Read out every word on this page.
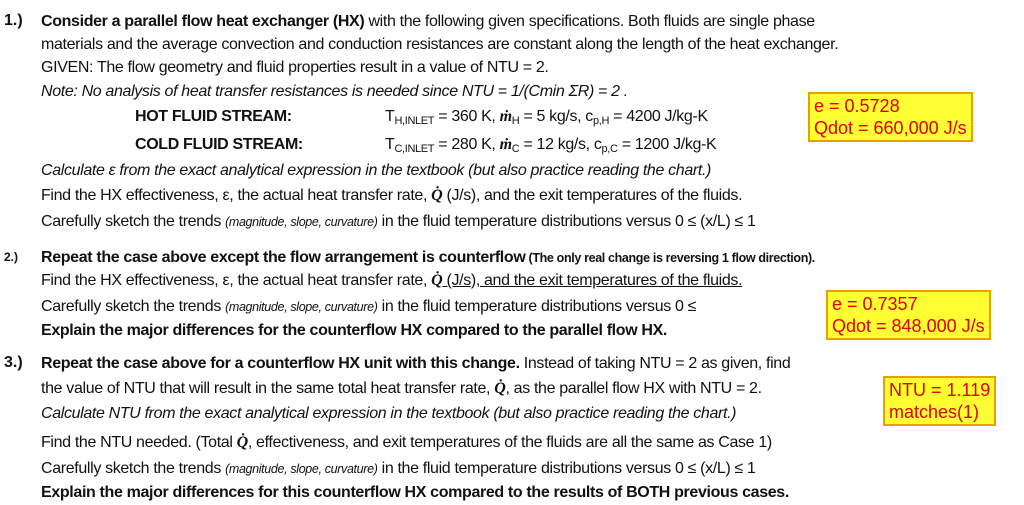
1.) Consider a parallel flow heat exchanger (HX) with the following given specifications. Both fluids are single phase
materials and the average convection and conduction resistances are constant along the length of the heat exchanger.
GIVEN: The flow geometry and fluid properties result in a value of NTU = 2.
Note: No analysis of heat transfer resistances is needed since NTU = 1/(Cmin ΣR) = 2 .
HOT FLUID STREAM:	$T_{H,INLET} = 360$ K, ṁ$_H$ = 5 kg/s, $c_{p,H} = 4200$ J/kg-K
COLD FLUID STREAM:	$T_{C,INLET} = 280$ K, ṁ$_C$ = 12 kg/s, $c_{p,C} = 1200$ J/kg-K
Calculate ε from the exact analytical expression in the textbook (but also practice reading the chart.)
Find the HX effectiveness, ε, the actual heat transfer rate, Q̇ (J/s), and the exit temperatures of the fluids.
Carefully sketch the trends (magnitude, slope, curvature) in the fluid temperature distributions versus 0 ≤ (x/L) ≤ 1
e = 0.5728
Qdot = 660,000 J/s
2.) Repeat the case above except the flow arrangement is counterflow (The only real change is reversing 1 flow direction).
Find the HX effectiveness, ε, the actual heat transfer rate, Q̇ (J/s), and the exit temperatures of the fluids.
Carefully sketch the trends (magnitude, slope, curvature) in the fluid temperature distributions versus 0 ≤
Explain the major differences for the counterflow HX compared to the parallel flow HX.
e = 0.7357
Qdot = 848,000 J/s
3.) Repeat the case above for a counterflow HX unit with this change. Instead of taking NTU = 2 as given, find
the value of NTU that will result in the same total heat transfer rate, Q̇, as the parallel flow HX with NTU = 2.
Calculate NTU from the exact analytical expression in the textbook (but also practice reading the chart.)
Find the NTU needed. (Total Q̇, effectiveness, and exit temperatures of the fluids are all the same as Case 1)
Carefully sketch the trends (magnitude, slope, curvature) in the fluid temperature distributions versus 0 ≤ (x/L) ≤ 1
Explain the major differences for this counterflow HX compared to the results of BOTH previous cases.
NTU = 1.119
matches(1)
